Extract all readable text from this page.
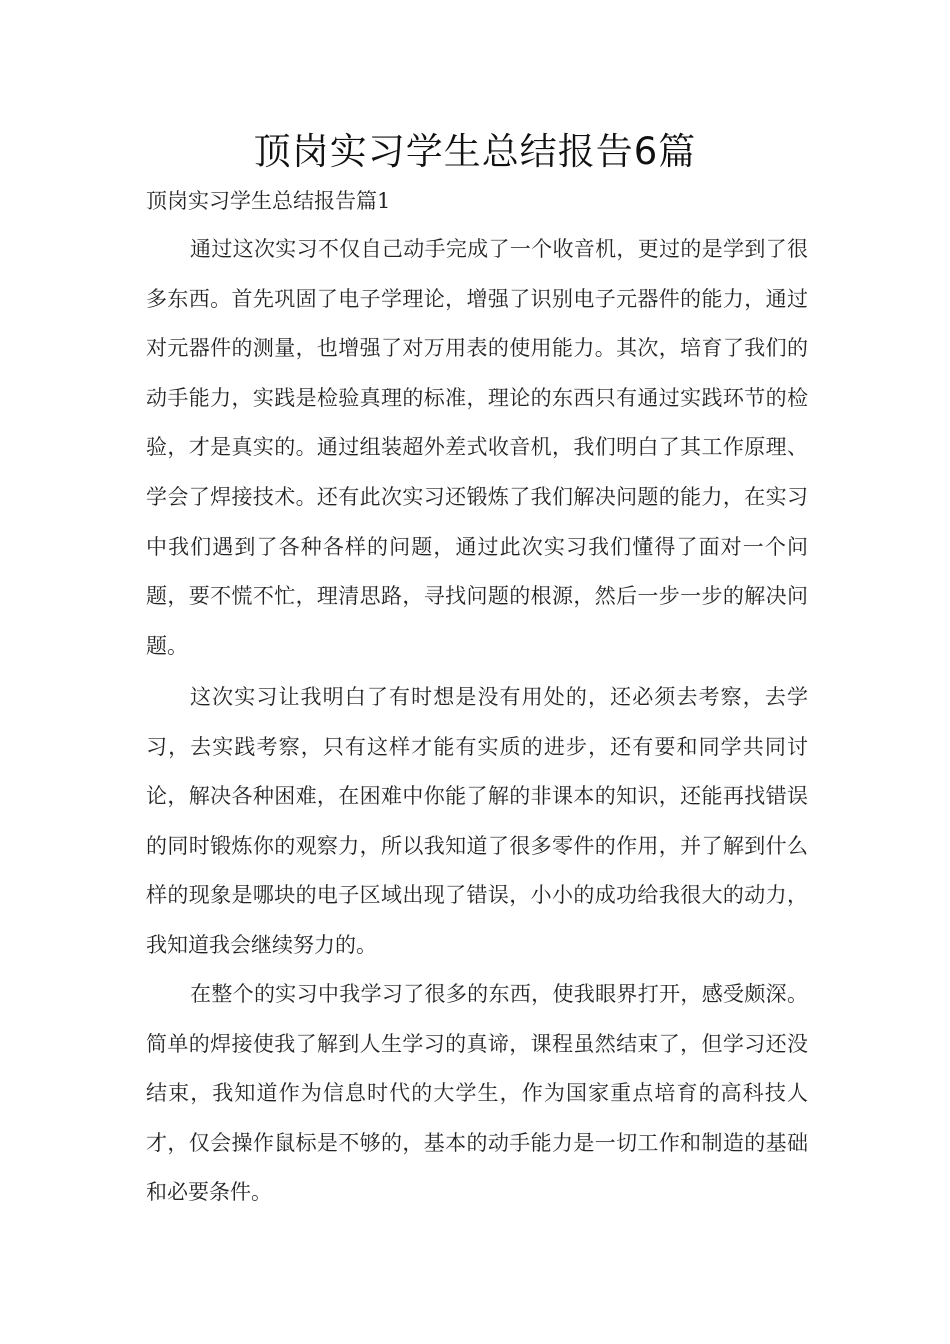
顶岗实习学生总结报告6篇
顶岗实习学生总结报告篇1

通过这次实习不仅自己动手完成了一个收音机，更过的是学到了很多东西。首先巩固了电子学理论，增强了识别电子元器件的能力，通过对元器件的测量，也增强了对万用表的使用能力。其次，培育了我们的动手能力，实践是检验真理的标准，理论的东西只有通过实践环节的检验，才是真实的。通过组装超外差式收音机，我们明白了其工作原理、学会了焊接技术。还有此次实习还锻炼了我们解决问题的能力，在实习中我们遇到了各种各样的问题，通过此次实习我们懂得了面对一个问题，要不慌不忙，理清思路，寻找问题的根源，然后一步一步的解决问题。

这次实习让我明白了有时想是没有用处的，还必须去考察，去学习，去实践考察，只有这样才能有实质的进步，还有要和同学共同讨论，解决各种困难，在困难中你能了解的非课本的知识，还能再找错误的同时锻炼你的观察力，所以我知道了很多零件的作用，并了解到什么样的现象是哪块的电子区域出现了错误，小小的成功给我很大的动力，我知道我会继续努力的。

在整个的实习中我学习了很多的东西，使我眼界打开，感受颇深。简单的焊接使我了解到人生学习的真谛，课程虽然结束了，但学习还没结束，我知道作为信息时代的大学生，作为国家重点培育的高科技人才，仅会操作鼠标是不够的，基本的动手能力是一切工作和制造的基础和必要条件。
